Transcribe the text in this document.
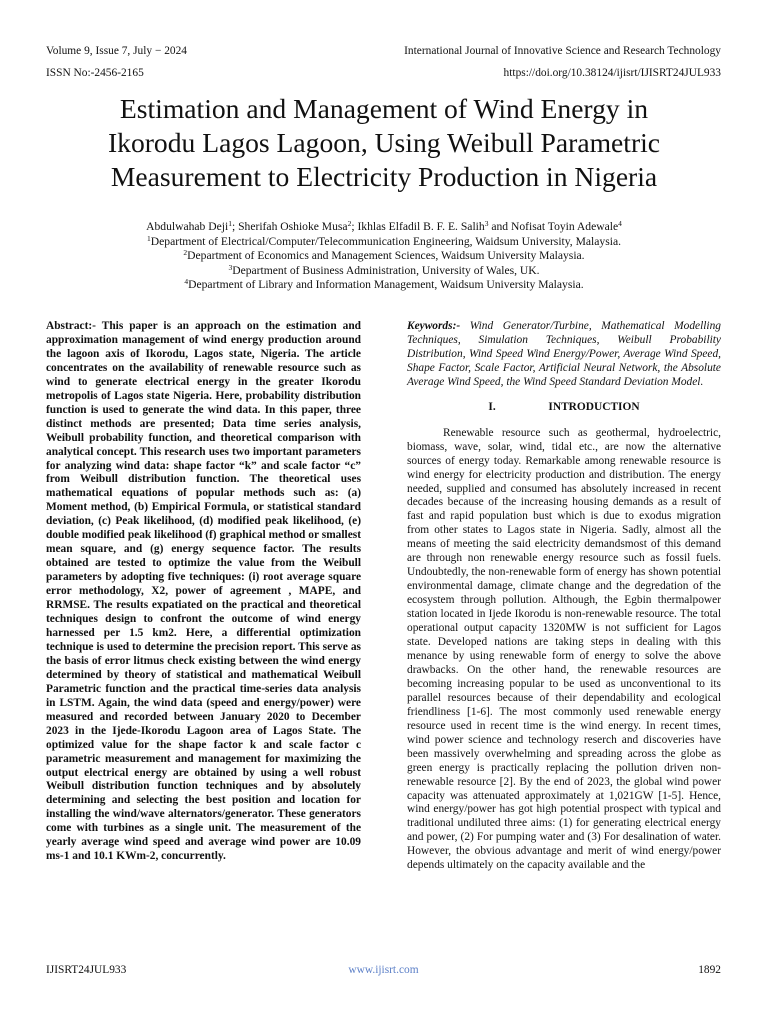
Volume 9, Issue 7, July − 2024	International Journal of Innovative Science and Research Technology
ISSN No:-2456-2165	https://doi.org/10.38124/ijisrt/IJISRT24JUL933
Estimation and Management of Wind Energy in
Ikorodu Lagos Lagoon, Using Weibull Parametric
Measurement to Electricity Production in Nigeria
Abdulwahab Deji$^1$; Sherifah Oshioke Musa$^2$; Ikhlas Elfadil B. F. E. Salih$^3$ and Nofisat Toyin Adewale$^4$
$^1$Department of Electrical/Computer/Telecommunication Engineering, Waidsum University, Malaysia.
$^2$Department of Economics and Management Sciences, Waidsum University Malaysia.
$^3$Department of Business Administration, University of Wales, UK.
$^4$Department of Library and Information Management, Waidsum University Malaysia.
Abstract:- This paper is an approach on the estimation and approximation management of wind energy production around the lagoon axis of Ikorodu, Lagos state, Nigeria. The article concentrates on the availability of renewable resource such as wind to generate electrical energy in the greater Ikorodu metropolis of Lagos state Nigeria. Here, probability distribution function is used to generate the wind data. In this paper, three distinct methods are presented; Data time series analysis, Weibull probability function, and theoretical comparison with analytical concept. This research uses two important parameters for analyzing wind data: shape factor “k” and scale factor “c” from Weibull distribution function. The theoretical uses mathematical equations of popular methods such as: (a) Moment method, (b) Empirical Formula, or statistical standard deviation, (c) Peak likelihood, (d) modified peak likelihood, (e) double modified peak likelihood (f) graphical method or smallest mean square, and (g) energy sequence factor. The results obtained are tested to optimize the value from the Weibull parameters by adopting five techniques: (i) root average square error methodology, X2, power of agreement , MAPE, and RRMSE. The results expatiated on the practical and theoretical techniques design to confront the outcome of wind energy harnessed per 1.5 km2. Here, a differential optimization technique is used to determine the precision report. This serve as the basis of error litmus check existing between the wind energy determined by theory of statistical and mathematical Weibull Parametric function and the practical time-series data analysis in LSTM. Again, the wind data (speed and energy/power) were measured and recorded between January 2020 to December 2023 in the Ijede-Ikorodu Lagoon area of Lagos State. The optimized value for the shape factor k and scale factor c parametric measurement and management for maximizing the output electrical energy are obtained by using a well robust Weibull distribution function techniques and by absolutely determining and selecting the best position and location for installing the wind/wave alternators/generator. These generators come with turbines as a single unit. The measurement of the yearly average wind speed and average wind power are 10.09 ms-1 and 10.1 KWm-2, concurrently.
Keywords:- Wind Generator/Turbine, Mathematical Modelling Techniques, Simulation Techniques, Weibull Probability Distribution, Wind Speed Wind Energy/Power, Average Wind Speed, Shape Factor, Scale Factor, Artificial Neural Network, the Absolute Average Wind Speed, the Wind Speed Standard Deviation Model.
I.	INTRODUCTION

Renewable resource such as geothermal, hydroelectric, biomass, wave, solar, wind, tidal etc., are now the alternative sources of energy today. Remarkable among renewable resource is wind energy for electricity production and distribution. The energy needed, supplied and consumed has absolutely increased in recent decades because of the increasing housing demands as a result of fast and rapid population bust which is due to exodus migration from other states to Lagos state in Nigeria. Sadly, almost all the means of meeting the said electricity demandsmost of this demand are through non renewable energy resource such as fossil fuels. Undoubtedly, the non-renewable form of energy has shown potential environmental damage, climate change and the degredation of the ecosystem through pollution. Although, the Egbin thermalpower station located in Ijede Ikorodu is non-renewable resource. The total operational output capacity 1320MW is not sufficient for Lagos state. Developed nations are taking steps in dealing with this menance by using renewable form of energy to solve the above drawbacks. On the other hand, the renewable resources are becoming increasing popular to be used as unconventional to its parallel resources because of their dependability and ecological friendliness [1-6]. The most commonly used renewable energy resource used in recent time is the wind energy. In recent times, wind power science and technology reserch and discoveries have been massively overwhelming and spreading across the globe as green energy is practically replacing the pollution driven non-renewable resource [2]. By the end of 2023, the global wind power capacity was attenuated approximately at 1,021GW [1-5]. Hence, wind energy/power has got high potential prospect with typical and traditional undiluted three aims: (1) for generating electrical energy and power, (2) For pumping water and (3) For desalination of water. However, the obvious advantage and merit of wind energy/power depends ultimately on the capacity available and the

IJISRT24JUL933	www.ijisrt.com	1892
